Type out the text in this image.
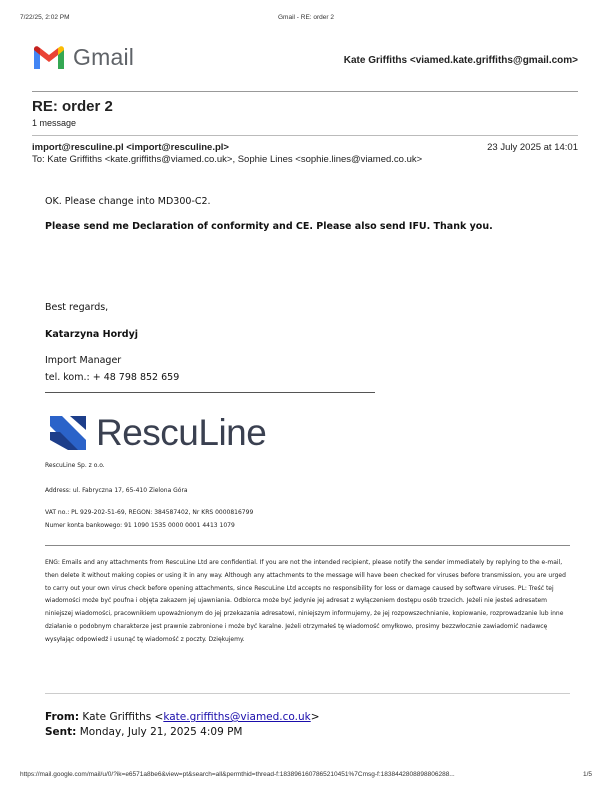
7/22/25, 2:02 PM	Gmail - RE: order 2
Gmail	Kate Griffiths <viamed.kate.griffiths@gmail.com>
RE: order 2
1 message
import@resculine.pl <import@resculine.pl>	23 July 2025 at 14:01
To: Kate Griffiths <kate.griffiths@viamed.co.uk>, Sophie Lines <sophie.lines@viamed.co.uk>
OK. Please change into MD300-C2.
Please send me Declaration of conformity and CE. Please also send IFU. Thank you.
Best regards,
Katarzyna Hordyj
Import Manager
tel. kom.: + 48 798 852 659
RescuLine
RescuLine Sp. z o.o.
Address: ul. Fabryczna 17, 65-410 Zielona Góra
VAT no.: PL 929-202-51-69, REGON: 384587402, Nr KRS 0000816799
Numer konta bankowego: 91 1090 1535 0000 0001 4413 1079
ENG: Emails and any attachments from RescuLine Ltd are confidential. If you are not the intended recipient, please notify the sender immediately by replying to the e-mail, then delete it without making copies or using it in any way. Although any attachments to the message will have been checked for viruses before transmission, you are urged to carry out your own virus check before opening attachments, since RescuLine Ltd accepts no responsibility for loss or damage caused by software viruses. PL: Treść tej wiadomości może być poufna i objęta zakazem jej ujawniania. Odbiorca może być jedynie jej adresat z wyłączeniem dostępu osób trzecich. Jeżeli nie jesteś adresatem niniejszej wiadomości, pracownikiem upoważnionym do jej przekazania adresatowi, niniejszym informujemy, że jej rozpowszechnianie, kopiowanie, rozprowadzanie lub inne działanie o podobnym charakterze jest prawnie zabronione i może być karalne. Jeżeli otrzymałeś tę wiadomość omyłkowo, prosimy bezzwłocznie zawiadomić nadawcę wysyłając odpowiedź i usunąć tę wiadomość z poczty. Dziękujemy.
From: Kate Griffiths <kate.griffiths@viamed.co.uk>
Sent: Monday, July 21, 2025 4:09 PM
https://mail.google.com/mail/u/0/?ik=e6571a8be6&view=pt&search=all&permthid=thread-f:1838961607865210451%7Cmsg-f:1838442808898806288...	1/5
